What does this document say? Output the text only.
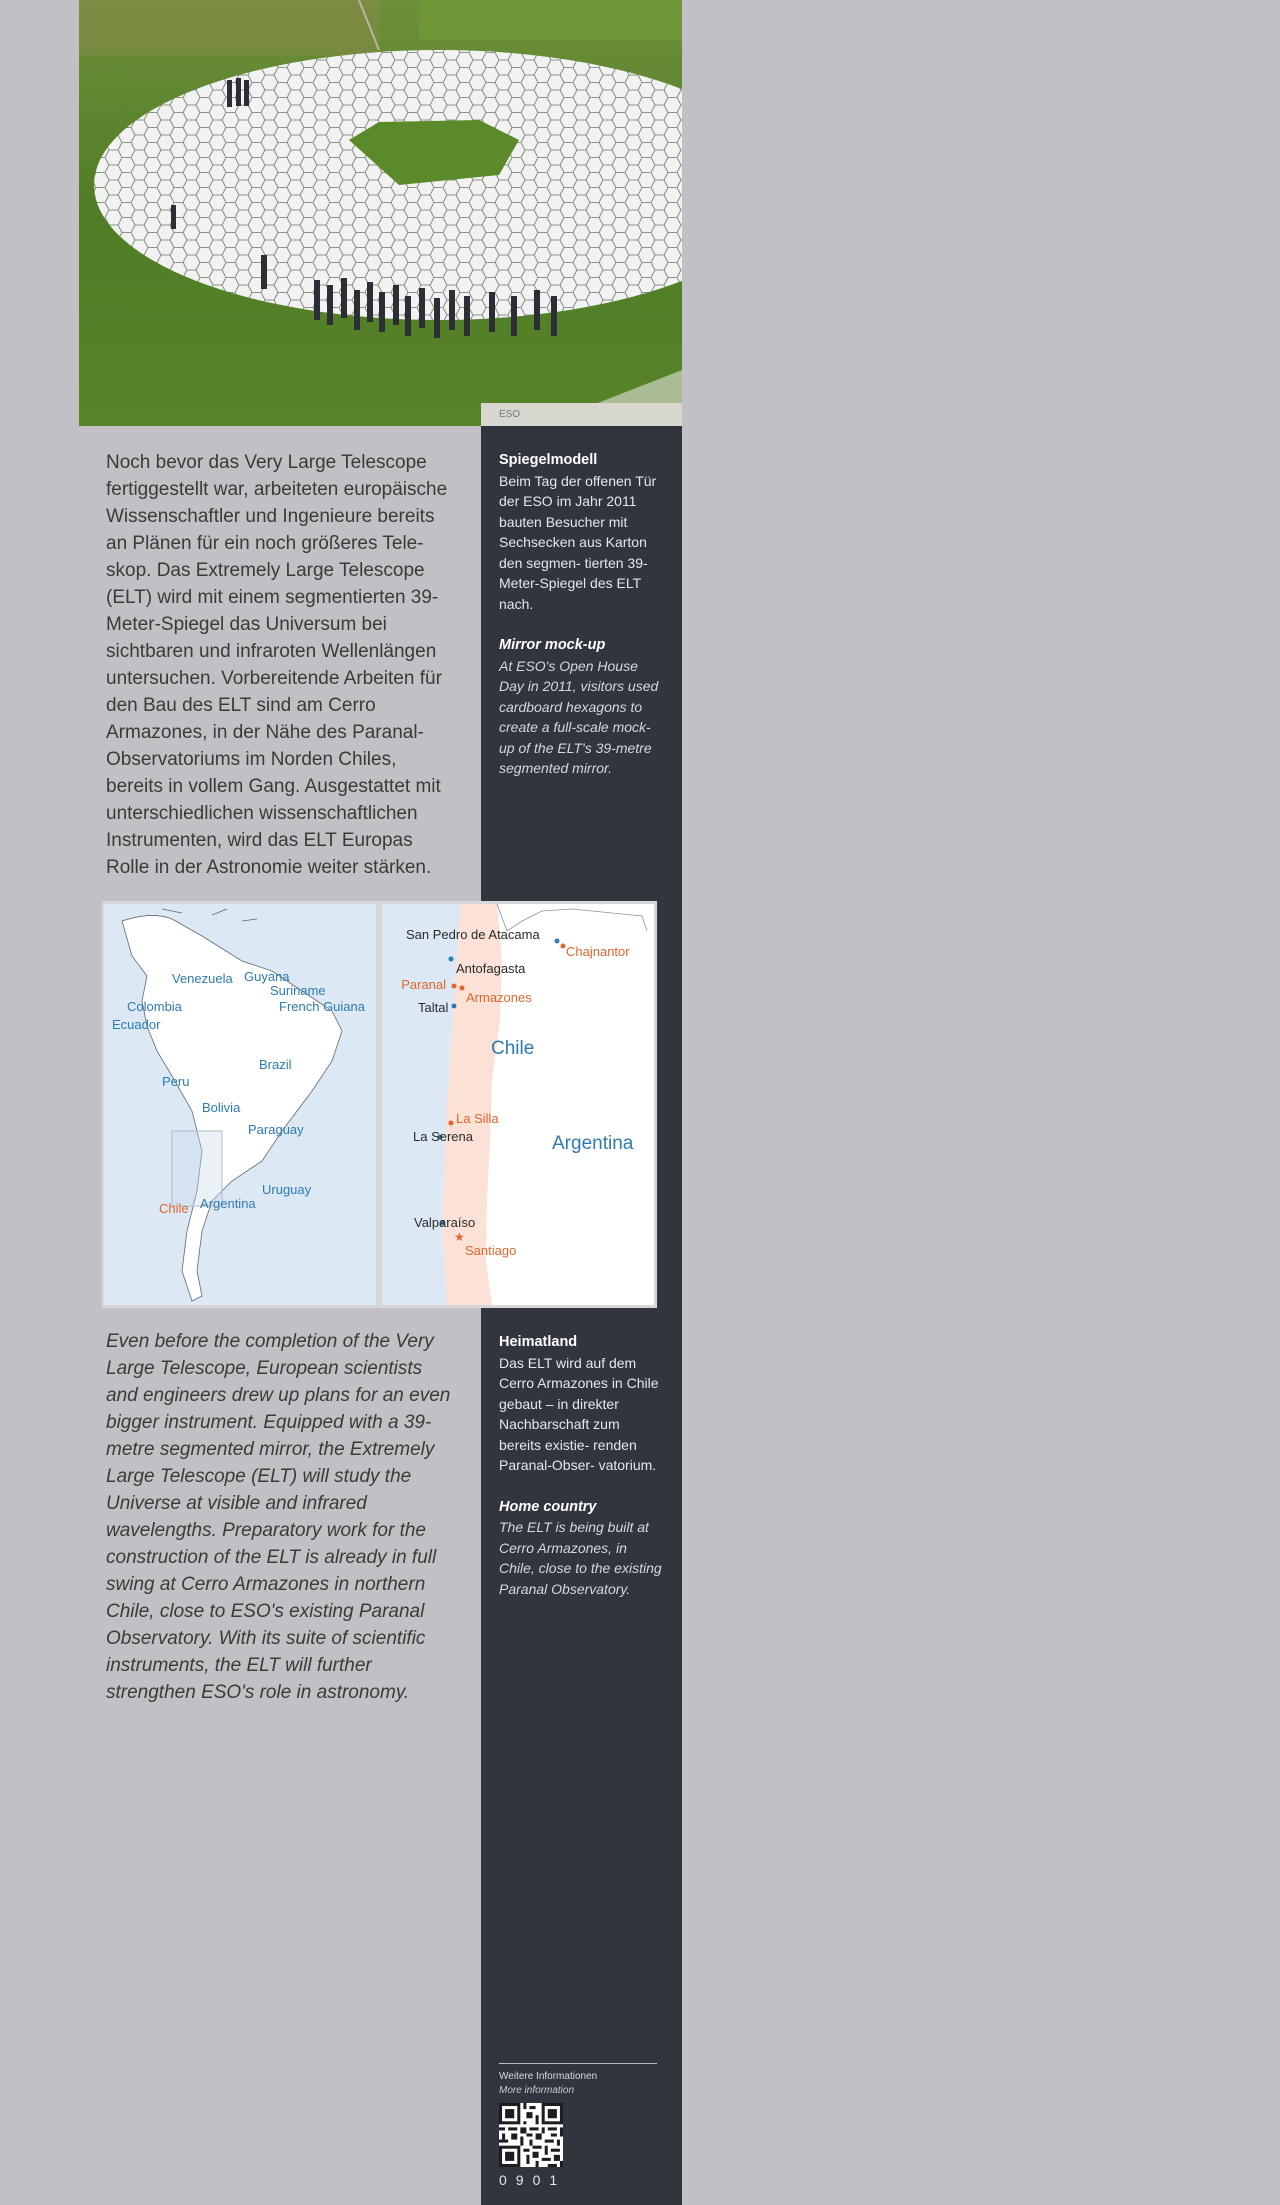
ESO

Noch bevor das Very Large Telescope fertiggestellt war, arbeiteten europäische Wissenschaftler und Ingenieure bereits an Plänen für ein noch größeres Tele- skop. Das Extremely Large Telescope (ELT) wird mit einem segmentierten 39-Meter-Spiegel das Universum bei sichtbaren und infraroten Wellenlängen untersuchen. Vorbereitende Arbeiten für den Bau des ELT sind am Cerro Armazones, in der Nähe des Paranal- Observatoriums im Norden Chiles, bereits in vollem Gang. Ausgestattet mit unterschiedlichen wissenschaftlichen Instrumenten, wird das ELT Europas Rolle in der Astronomie weiter stärken.

Spiegelmodell

Beim Tag der offenen Tür der ESO im Jahr 2011 bauten Besucher mit Sechsecken aus Karton den segmen- tierten 39-Meter-Spiegel des ELT nach.

Mirror mock-up

At ESO's Open House Day in 2011, visitors used cardboard hexagons to create a full-scale mock- up of the ELT's 39-metre segmented mirror.

Venezuela Guyana
Suriname
French Guiana
Colombia
Ecuador
Brazil
Peru
Bolivia
Paraguay
Uruguay
Argentina
Chile
★
San Pedro de Atacama
Antofagasta
Taltal
La Serena
Valparaíso
Chajnantor
Paranal
Armazones
La Silla
Santiago
Chile
Argentina

Even before the completion of the Very Large Telescope, European scientists and engineers drew up plans for an even bigger instrument. Equipped with a 39-metre segmented mirror, the Extremely Large Telescope (ELT) will study the Universe at visible and infrared wavelengths. Preparatory work for the construction of the ELT is already in full swing at Cerro Armazones in northern Chile, close to ESO's existing Paranal Observatory. With its suite of scientific instruments, the ELT will further strengthen ESO's role in astronomy.

Heimatland

Das ELT wird auf dem Cerro Armazones in Chile gebaut – in direkter Nachbarschaft zum bereits existie- renden Paranal-Obser- vatorium.

Home country

The ELT is being built at Cerro Armazones, in Chile, close to the existing Paranal Observatory.

Weitere Informationen
More information
0901
